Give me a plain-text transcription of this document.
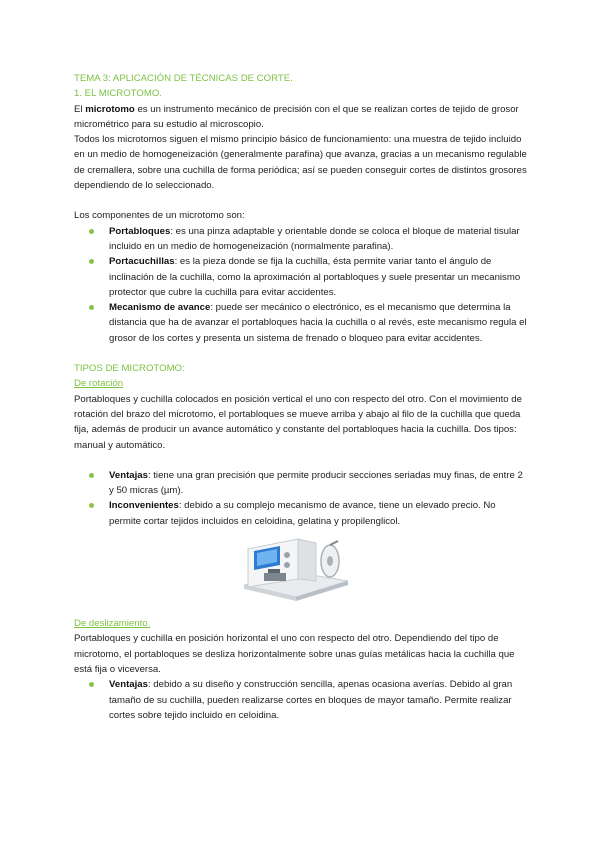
TEMA 3: APLICACIÓN DE TÉCNICAS DE CORTE.

1. EL MICROTOMO.

El microtomo es un instrumento mecánico de precisión con el que se realizan cortes de tejido de grosor micrométrico para su estudio al microscopio.

Todos los microtomos siguen el mismo principio básico de funcionamiento: una muestra de tejido incluido en un medio de homogeneización (generalmente parafina) que avanza, gracias a un mecanismo regulable de cremallera, sobre una cuchilla de forma periódica; así se pueden conseguir cortes de distintos grosores dependiendo de lo seleccionado.

Los componentes de un microtomo son:

Portabloques: es una pinza adaptable y orientable donde se coloca el bloque de material tisular incluido en un medio de homogeneización (normalmente parafina).
Portacuchillas: es la pieza donde se fija la cuchilla, ésta permite variar tanto el ángulo de inclinación de la cuchilla, como la aproximación al portabloques y suele presentar un mecanismo protector que cubre la cuchilla para evitar accidentes.
Mecanismo de avance: puede ser mecánico o electrónico, es el mecanismo que determina la distancia que ha de avanzar el portabloques hacia la cuchilla o al revés, este mecanismo regula el grosor de los cortes y presenta un sistema de frenado o bloqueo para evitar accidentes.

TIPOS DE MICROTOMO:

De rotación

Portabloques y cuchilla colocados en posición vertical el uno con respecto del otro. Con el movimiento de rotación del brazo del microtomo, el portabloques se mueve arriba y abajo al filo de la cuchilla que queda fija, además de producir un avance automático y constante del portabloques hacia la cuchilla. Dos tipos: manual y automático.

Ventajas: tiene una gran precisión que permite producir secciones seriadas muy finas, de entre 2 y 50 micras (µm).
Inconvenientes: debido a su complejo mecanismo de avance, tiene un elevado precio. No permite cortar tejidos incluidos en celoidina, gelatina y propilenglicol.

De deslizamiento.

Portabloques y cuchilla en posición horizontal el uno con respecto del otro. Dependiendo del tipo de microtomo, el portabloques se desliza horizontalmente sobre unas guías metálicas hacia la cuchilla que está fija o viceversa.

Ventajas: debido a su diseño y construcción sencilla, apenas ocasiona averías. Debido al gran tamaño de su cuchilla, pueden realizarse cortes en bloques de mayor tamaño. Permite realizar cortes sobre tejido incluido en celoidina.
